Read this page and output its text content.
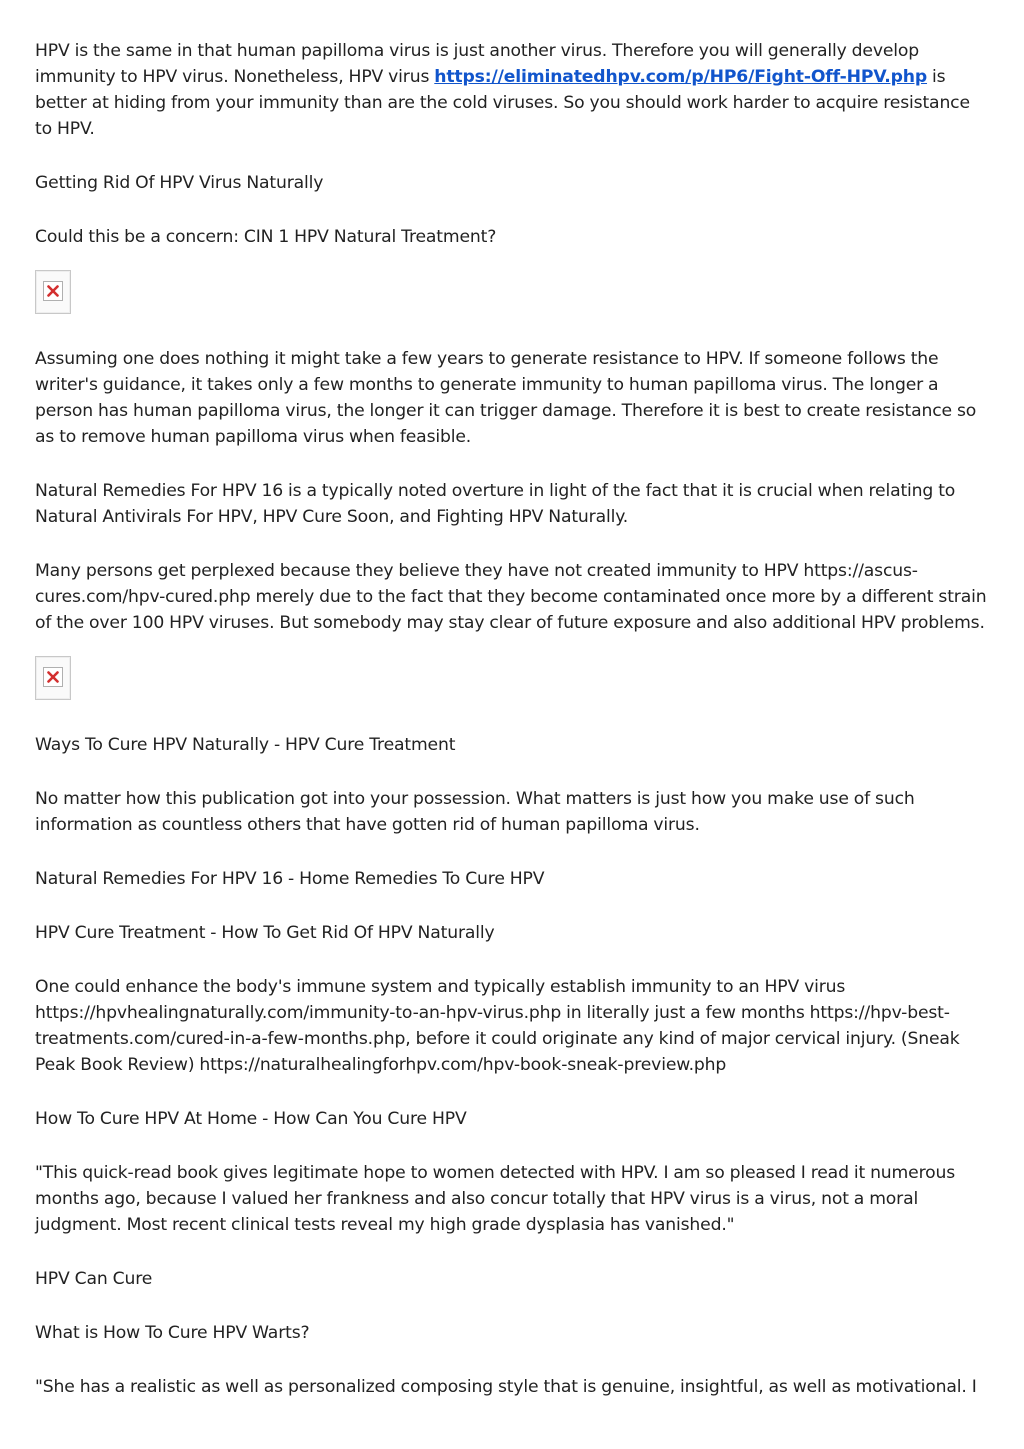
HPV is the same in that human papilloma virus is just another virus. Therefore you will generally develop immunity to HPV virus. Nonetheless, HPV virus https://eliminatedhpv.com/p/HP6/Fight-Off-HPV.php is better at hiding from your immunity than are the cold viruses. So you should work harder to acquire resistance to HPV.

Getting Rid Of HPV Virus Naturally

Could this be a concern: CIN 1 HPV Natural Treatment?

Assuming one does nothing it might take a few years to generate resistance to HPV. If someone follows the writer's guidance, it takes only a few months to generate immunity to human papilloma virus. The longer a person has human papilloma virus, the longer it can trigger damage. Therefore it is best to create resistance so as to remove human papilloma virus when feasible.

Natural Remedies For HPV 16 is a typically noted overture in light of the fact that it is crucial when relating to Natural Antivirals For HPV, HPV Cure Soon, and Fighting HPV Naturally.

Many persons get perplexed because they believe they have not created immunity to HPV https://ascus-cures.com/hpv-cured.php merely due to the fact that they become contaminated once more by a different strain of the over 100 HPV viruses. But somebody may stay clear of future exposure and also additional HPV problems.

Ways To Cure HPV Naturally - HPV Cure Treatment

No matter how this publication got into your possession. What matters is just how you make use of such information as countless others that have gotten rid of human papilloma virus.

Natural Remedies For HPV 16 - Home Remedies To Cure HPV

HPV Cure Treatment - How To Get Rid Of HPV Naturally

One could enhance the body's immune system and typically establish immunity to an HPV virus https://hpvhealingnaturally.com/immunity-to-an-hpv-virus.php in literally just a few months https://hpv-best-treatments.com/cured-in-a-few-months.php, before it could originate any kind of major cervical injury. (Sneak Peak Book Review) https://naturalhealingforhpv.com/hpv-book-sneak-preview.php

How To Cure HPV At Home - How Can You Cure HPV

"This quick-read book gives legitimate hope to women detected with HPV. I am so pleased I read it numerous months ago, because I valued her frankness and also concur totally that HPV virus is a virus, not a moral judgment. Most recent clinical tests reveal my high grade dysplasia has vanished."

HPV Can Cure

What is How To Cure HPV Warts?

"She has a realistic as well as personalized composing style that is genuine, insightful, as well as motivational. I
